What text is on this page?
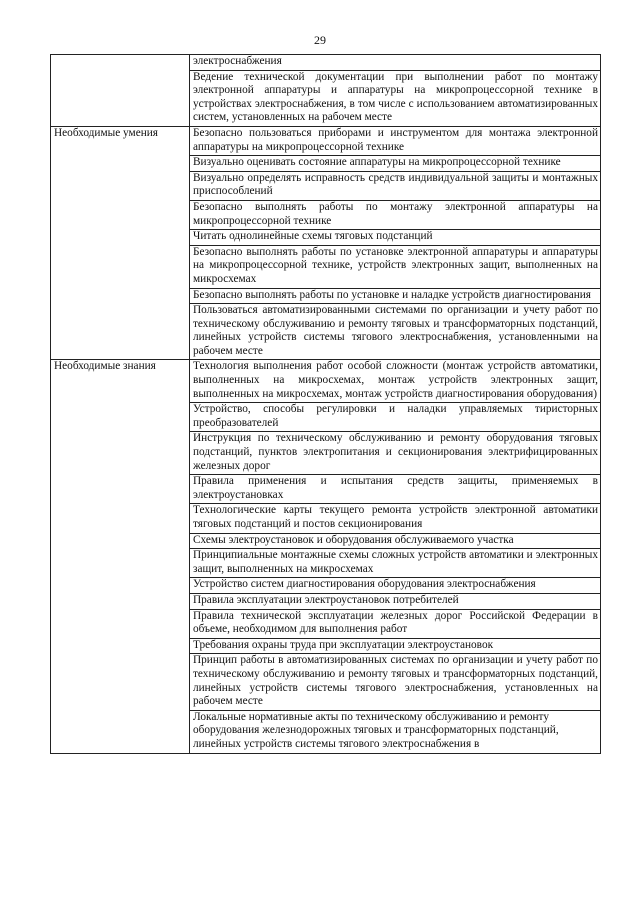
29
	электроснабжения
	Ведение технической документации при выполнении работ по монтажу электронной аппаратуры и аппаратуры на микропроцессорной технике в устройствах электроснабжения, в том числе с использованием автоматизированных систем, установленных на рабочем месте
Необходимые умения	Безопасно пользоваться приборами и инструментом для монтажа электронной аппаратуры на микропроцессорной технике
	Визуально оценивать состояние аппаратуры на микропроцессорной технике
	Визуально определять исправность средств индивидуальной защиты и монтажных приспособлений
	Безопасно выполнять работы по монтажу электронной аппаратуры на микропроцессорной технике
	Читать однолинейные схемы тяговых подстанций
	Безопасно выполнять работы по установке электронной аппаратуры и аппаратуры на микропроцессорной технике, устройств электронных защит, выполненных на микросхемах
	Безопасно выполнять работы по установке и наладке устройств диагностирования
	Пользоваться автоматизированными системами по организации и учету работ по техническому обслуживанию и ремонту тяговых и трансформаторных подстанций, линейных устройств системы тягового электроснабжения, установленными на рабочем месте
Необходимые знания	Технология выполнения работ особой сложности (монтаж устройств автоматики, выполненных на микросхемах, монтаж устройств электронных защит, выполненных на микросхемах, монтаж устройств диагностирования оборудования)
	Устройство, способы регулировки и наладки управляемых тиристорных преобразователей
	Инструкция по техническому обслуживанию и ремонту оборудования тяговых подстанций, пунктов электропитания и секционирования электрифицированных железных дорог
	Правила применения и испытания средств защиты, применяемых в электроустановках
	Технологические карты текущего ремонта устройств электронной автоматики тяговых подстанций и постов секционирования
	Схемы электроустановок и оборудования обслуживаемого участка
	Принципиальные монтажные схемы сложных устройств автоматики и электронных защит, выполненных на микросхемах
	Устройство систем диагностирования оборудования электроснабжения
	Правила эксплуатации электроустановок потребителей
	Правила технической эксплуатации железных дорог Российской Федерации в объеме, необходимом для выполнения работ
	Требования охраны труда при эксплуатации электроустановок
	Принцип работы в автоматизированных системах по организации и учету работ по техническому обслуживанию и ремонту тяговых и трансформаторных подстанций, линейных устройств системы тягового электроснабжения, установленных на рабочем месте
	Локальные нормативные акты по техническому обслуживанию и ремонту оборудования железнодорожных тяговых и трансформаторных подстанций, линейных устройств системы тягового электроснабжения в
